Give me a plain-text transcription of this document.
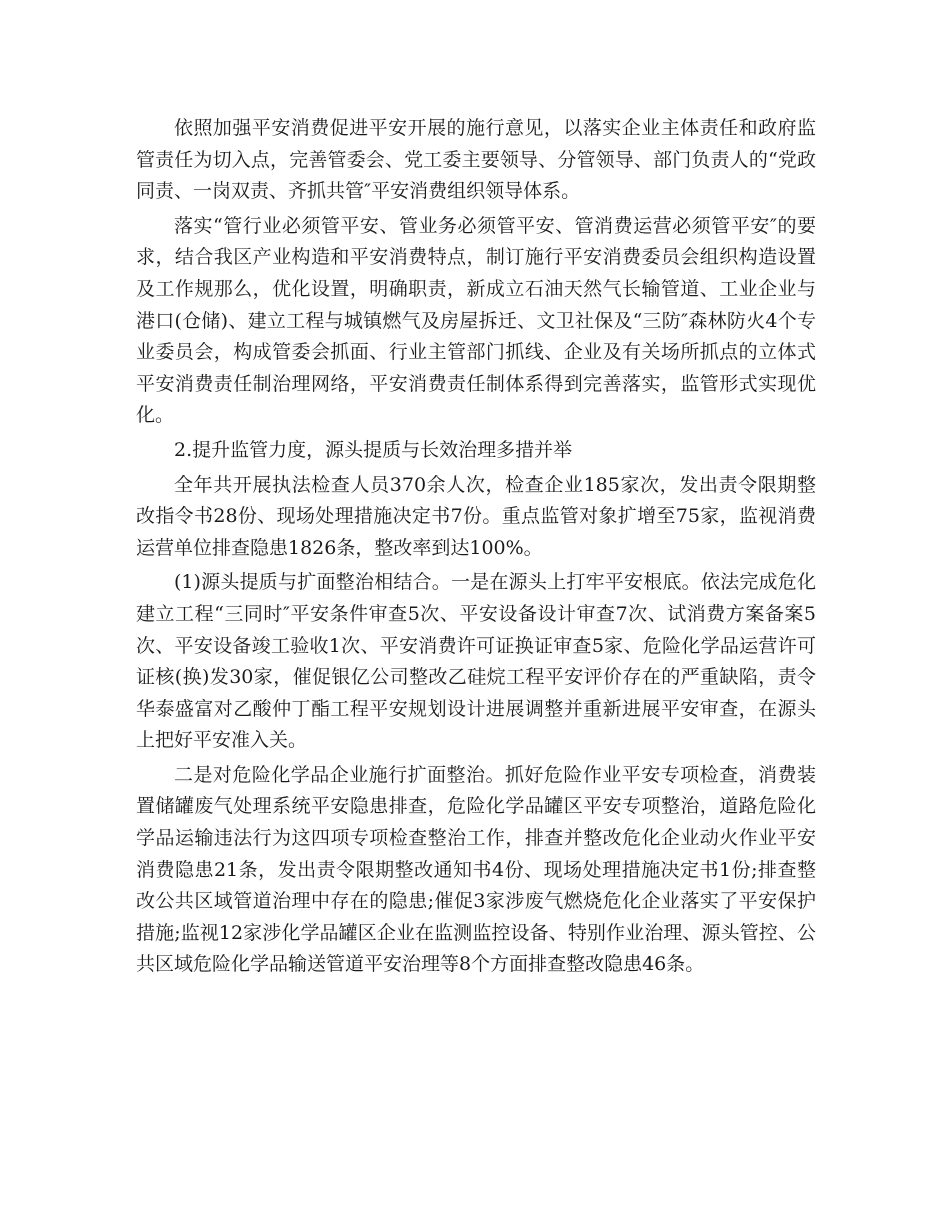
依照加强平安消费促进平安开展的施行意见，以落实企业主体责任和政府监管责任为切入点，完善管委会、党工委主要领导、分管领导、部门负责人的“党政同责、一岗双责、齐抓共管″平安消费组织领导体系。

落实“管行业必须管平安、管业务必须管平安、管消费运营必须管平安″的要求，结合我区产业构造和平安消费特点，制订施行平安消费委员会组织构造设置及工作规那么，优化设置，明确职责，新成立石油天然气长输管道、工业企业与港口(仓储)、建立工程与城镇燃气及房屋拆迁、文卫社保及“三防″森林防火4个专业委员会，构成管委会抓面、行业主管部门抓线、企业及有关场所抓点的立体式平安消费责任制治理网络，平安消费责任制体系得到完善落实，监管形式实现优化。

2.提升监管力度，源头提质与长效治理多措并举

全年共开展执法检查人员370余人次，检查企业185家次，发出责令限期整改指令书28份、现场处理措施决定书7份。重点监管对象扩增至75家，监视消费运营单位排查隐患1826条，整改率到达100%。

(1)源头提质与扩面整治相结合。一是在源头上打牢平安根底。依法完成危化建立工程“三同时″平安条件审查5次、平安设备设计审查7次、试消费方案备案5次、平安设备竣工验收1次、平安消费许可证换证审查5家、危险化学品运营许可证核(换)发30家，催促银亿公司整改乙硅烷工程平安评价存在的严重缺陷，责令华泰盛富对乙酸仲丁酯工程平安规划设计进展调整并重新进展平安审查，在源头上把好平安准入关。

二是对危险化学品企业施行扩面整治。抓好危险作业平安专项检查，消费装置储罐废气处理系统平安隐患排查，危险化学品罐区平安专项整治，道路危险化学品运输违法行为这四项专项检查整治工作，排查并整改危化企业动火作业平安消费隐患21条，发出责令限期整改通知书4份、现场处理措施决定书1份;排查整改公共区域管道治理中存在的隐患;催促3家涉废气燃烧危化企业落实了平安保护措施;监视12家涉化学品罐区企业在监测监控设备、特别作业治理、源头管控、公共区域危险化学品输送管道平安治理等8个方面排查整改隐患46条。
